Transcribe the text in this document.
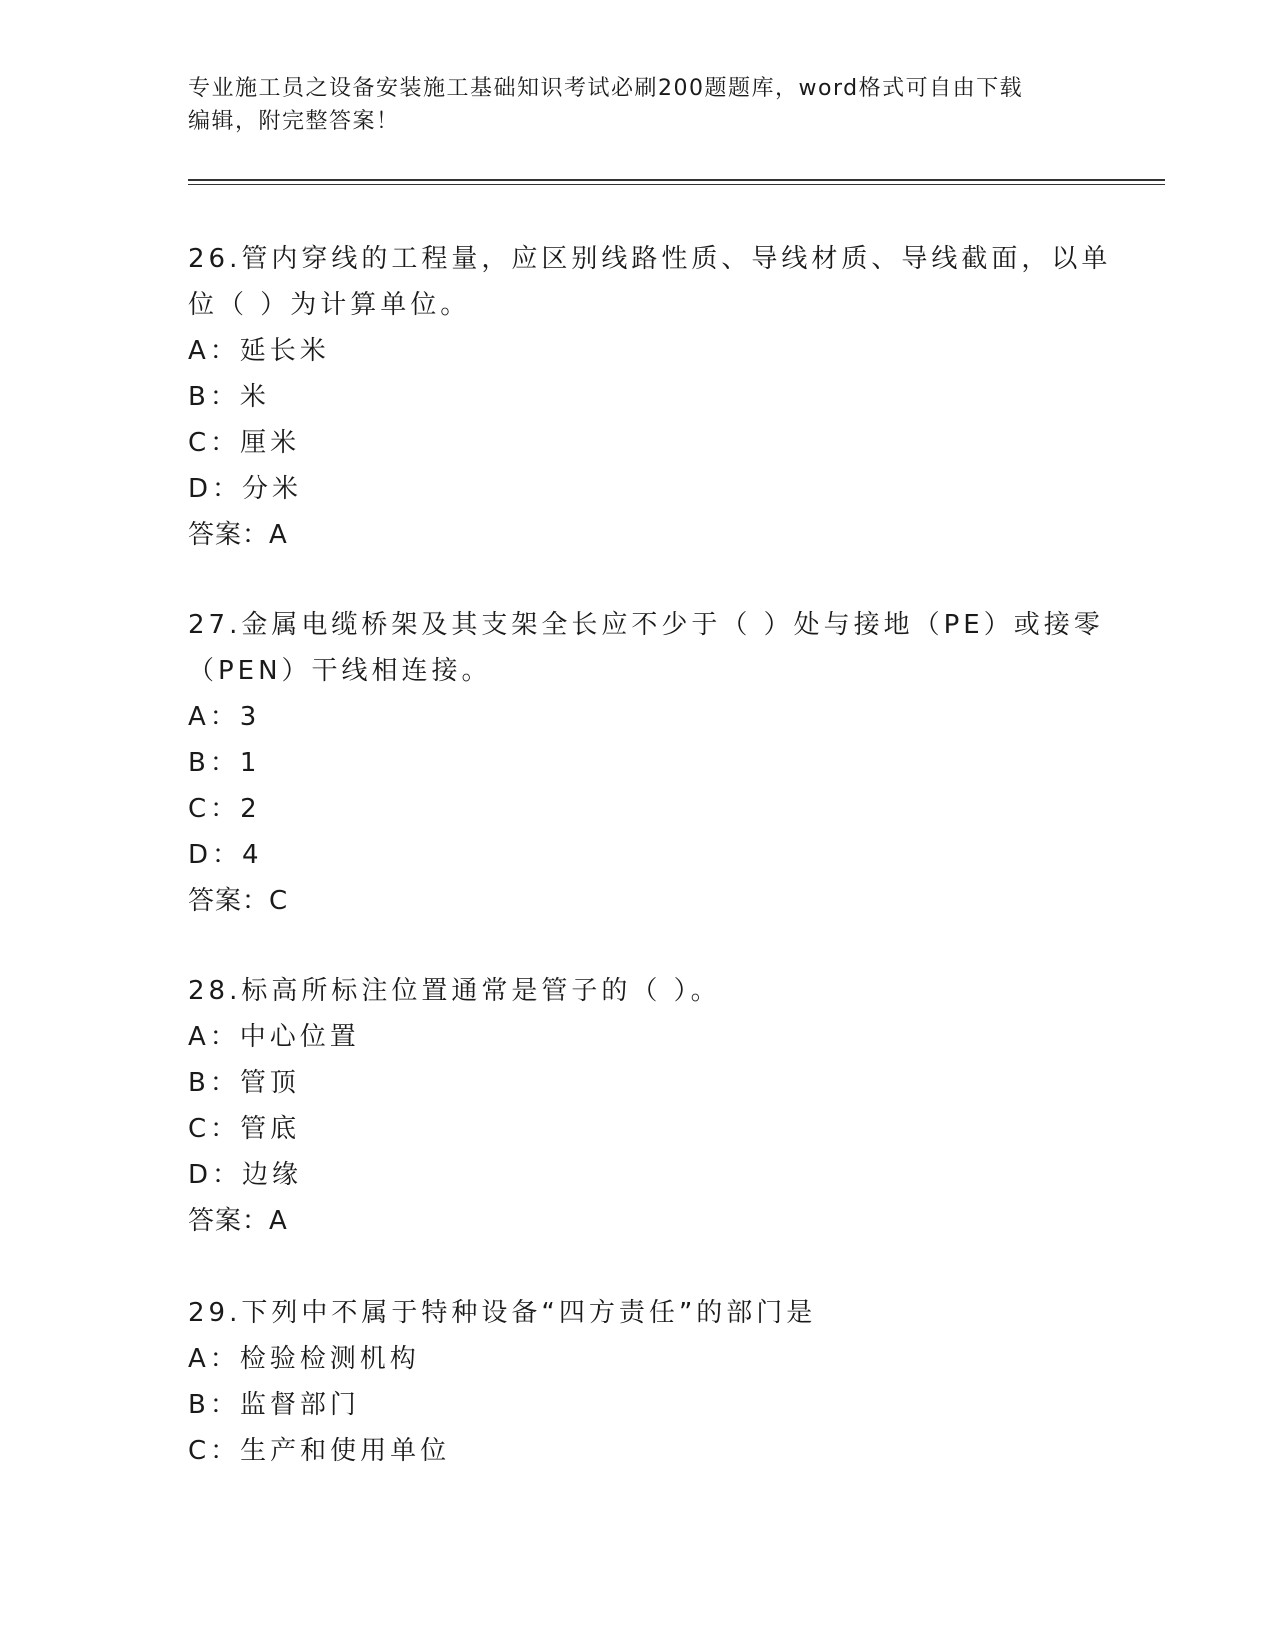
专业施工员之设备安装施工基础知识考试必刷200题题库，word格式可自由下载
编辑，附完整答案！
26.管内穿线的工程量，应区别线路性质、导线材质、导线截面，以单
位（ ）为计算单位。
A：延长米
B：米
C：厘米
D：分米
答案：A
27.金属电缆桥架及其支架全长应不少于（ ）处与接地（PE）或接零
（PEN）干线相连接。
A：3
B：1
C：2
D：4
答案：C
28.标高所标注位置通常是管子的（ ）。
A：中心位置
B：管顶
C：管底
D：边缘
答案：A
29.下列中不属于特种设备“四方责任”的部门是
A：检验检测机构
B：监督部门
C：生产和使用单位
